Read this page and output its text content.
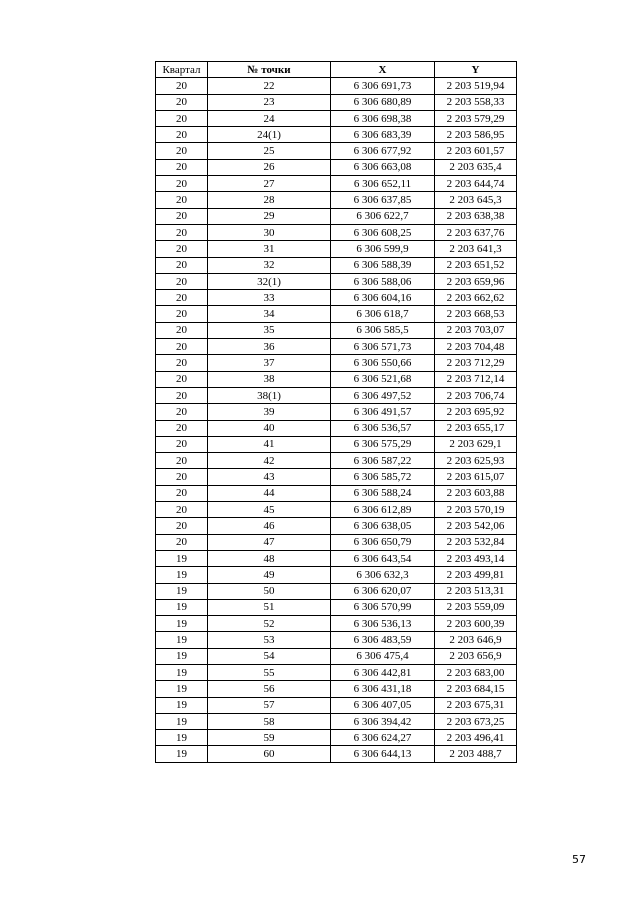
Квартал	№ точки	X	Y
20	22	6 306 691,73	2 203 519,94
20	23	6 306 680,89	2 203 558,33
20	24	6 306 698,38	2 203 579,29
20	24(1)	6 306 683,39	2 203 586,95
20	25	6 306 677,92	2 203 601,57
20	26	6 306 663,08	2 203 635,4
20	27	6 306 652,11	2 203 644,74
20	28	6 306 637,85	2 203 645,3
20	29	6 306 622,7	2 203 638,38
20	30	6 306 608,25	2 203 637,76
20	31	6 306 599,9	2 203 641,3
20	32	6 306 588,39	2 203 651,52
20	32(1)	6 306 588,06	2 203 659,96
20	33	6 306 604,16	2 203 662,62
20	34	6 306 618,7	2 203 668,53
20	35	6 306 585,5	2 203 703,07
20	36	6 306 571,73	2 203 704,48
20	37	6 306 550,66	2 203 712,29
20	38	6 306 521,68	2 203 712,14
20	38(1)	6 306 497,52	2 203 706,74
20	39	6 306 491,57	2 203 695,92
20	40	6 306 536,57	2 203 655,17
20	41	6 306 575,29	2 203 629,1
20	42	6 306 587,22	2 203 625,93
20	43	6 306 585,72	2 203 615,07
20	44	6 306 588,24	2 203 603,88
20	45	6 306 612,89	2 203 570,19
20	46	6 306 638,05	2 203 542,06
20	47	6 306 650,79	2 203 532,84
19	48	6 306 643,54	2 203 493,14
19	49	6 306 632,3	2 203 499,81
19	50	6 306 620,07	2 203 513,31
19	51	6 306 570,99	2 203 559,09
19	52	6 306 536,13	2 203 600,39
19	53	6 306 483,59	2 203 646,9
19	54	6 306 475,4	2 203 656,9
19	55	6 306 442,81	2 203 683,00
19	56	6 306 431,18	2 203 684,15
19	57	6 306 407,05	2 203 675,31
19	58	6 306 394,42	2 203 673,25
19	59	6 306 624,27	2 203 496,41
19	60	6 306 644,13	2 203 488,7
57
